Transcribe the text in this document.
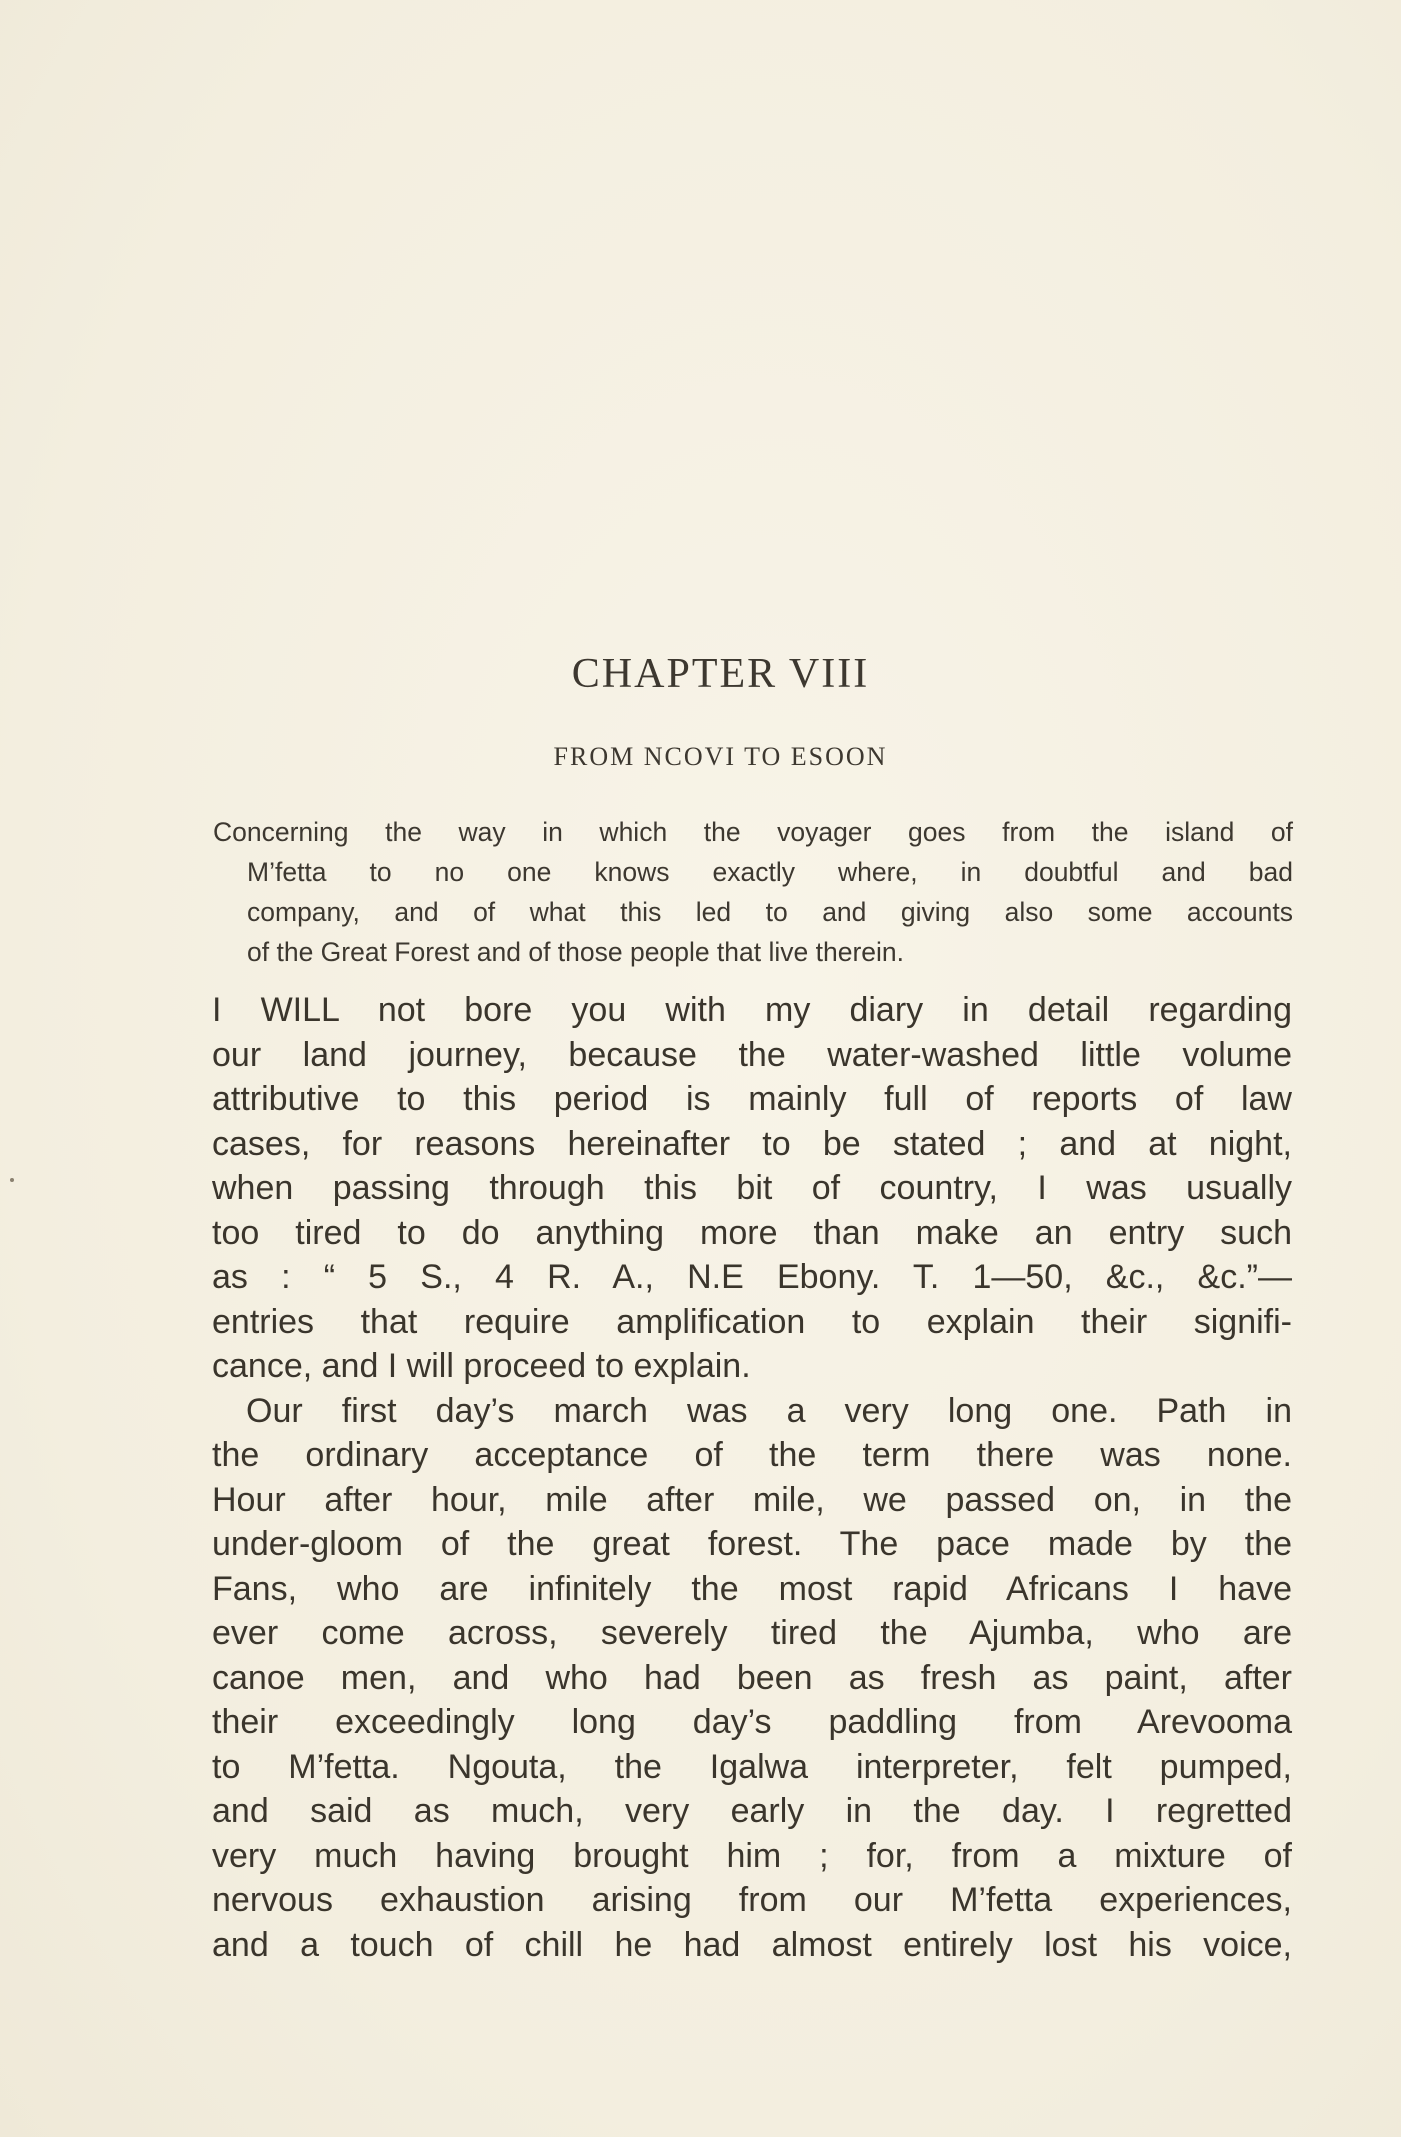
CHAPTER VIII
FROM NCOVI TO ESOON
Concerning the way in which the voyager goes from the island of
M’fetta to no one knows exactly where, in doubtful and bad
company, and of what this led to and giving also some accounts
of the Great Forest and of those people that live therein.
I WILL not bore you with my diary in detail regarding
our land journey, because the water-washed little volume
attributive to this period is mainly full of reports of law
cases, for reasons hereinafter to be stated ; and at night,
when passing through this bit of country, I was usually
too tired to do anything more than make an entry such
as : “ 5 S., 4 R. A., N.E Ebony. T. 1—50, &c., &c.”—
entries that require amplification to explain their signifi-
cance, and I will proceed to explain.
Our first day’s march was a very long one. Path in
the ordinary acceptance of the term there was none.
Hour after hour, mile after mile, we passed on, in the
under-gloom of the great forest. The pace made by the
Fans, who are infinitely the most rapid Africans I have
ever come across, severely tired the Ajumba, who are
canoe men, and who had been as fresh as paint, after
their exceedingly long day’s paddling from Arevooma
to M’fetta. Ngouta, the Igalwa interpreter, felt pumped,
and said as much, very early in the day. I regretted
very much having brought him ; for, from a mixture of
nervous exhaustion arising from our M’fetta experiences,
and a touch of chill he had almost entirely lost his voice,
